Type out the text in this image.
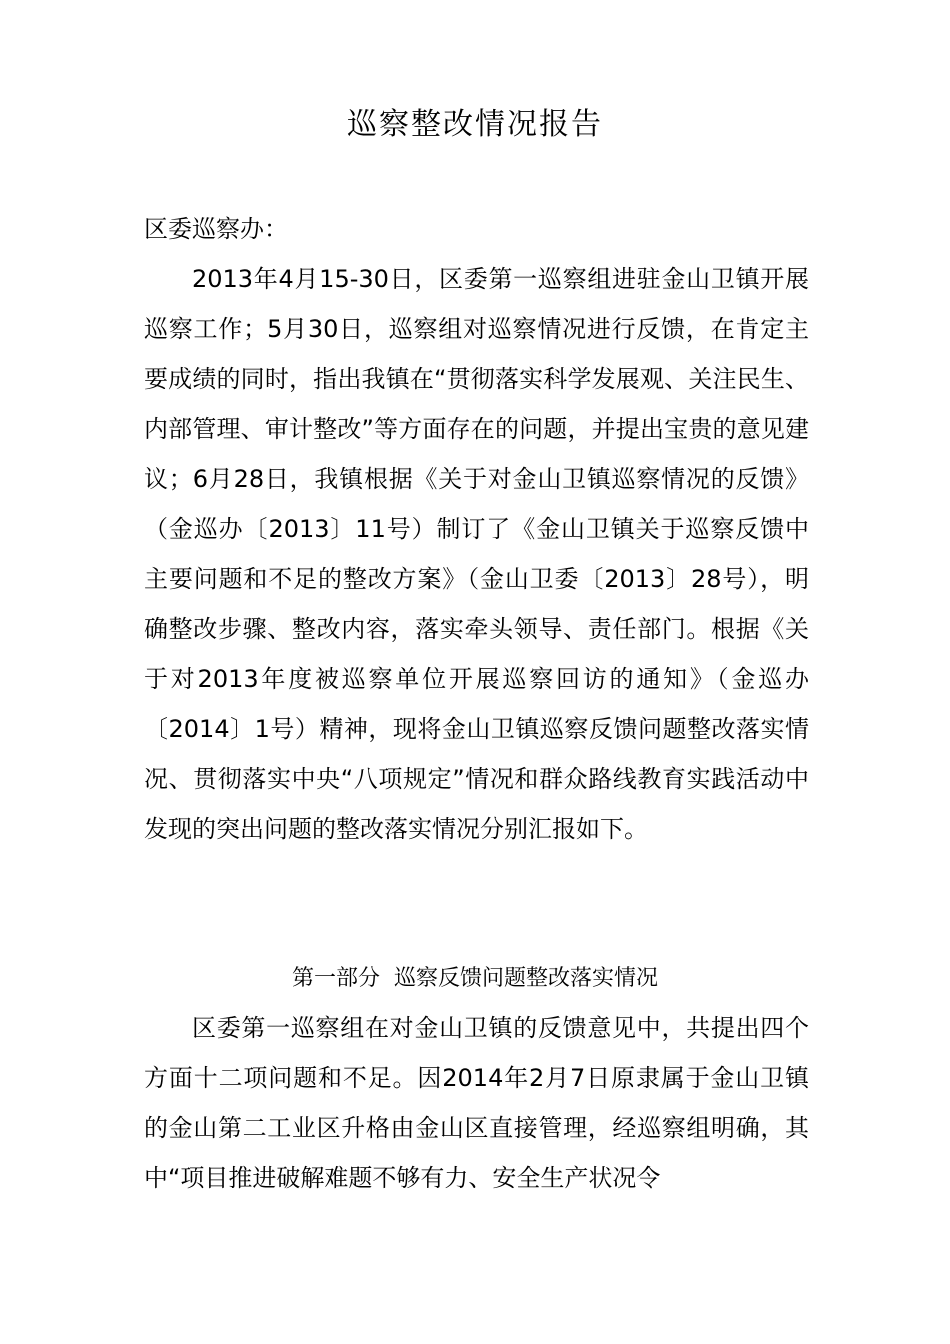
巡察整改情况报告

区委巡察办：

2013年4月15-30日，区委第一巡察组进驻金山卫镇开展巡察工作；5月30日，巡察组对巡察情况进行反馈，在肯定主要成绩的同时，指出我镇在“贯彻落实科学发展观、关注民生、内部管理、审计整改”等方面存在的问题，并提出宝贵的意见建议；6月28日，我镇根据《关于对金山卫镇巡察情况的反馈》（金巡办〔2013〕11号）制订了《金山卫镇关于巡察反馈中主要问题和不足的整改方案》（金山卫委〔2013〕28号），明确整改步骤、整改内容，落实牵头领导、责任部门。根据《关于对2013年度被巡察单位开展巡察回访的通知》（金巡办〔2014〕1号）精神，现将金山卫镇巡察反馈问题整改落实情况、贯彻落实中央“八项规定”情况和群众路线教育实践活动中发现的突出问题的整改落实情况分别汇报如下。

第一部分  巡察反馈问题整改落实情况

区委第一巡察组在对金山卫镇的反馈意见中，共提出四个方面十二项问题和不足。因2014年2月7日原隶属于金山卫镇的金山第二工业区升格由金山区直接管理，经巡察组明确，其中“项目推进破解难题不够有力、安全生产状况令
